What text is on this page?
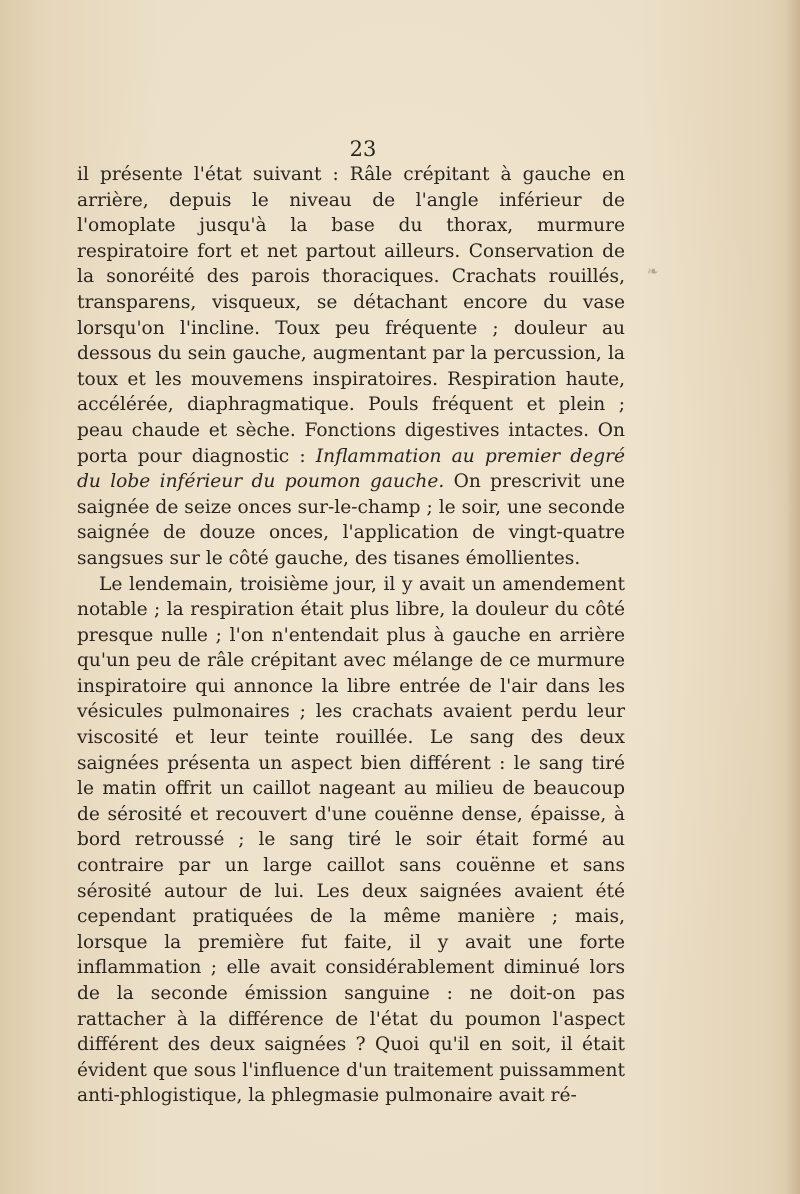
23

il présente l'état suivant : Râle crépitant à gauche en arrière, depuis le niveau de l'angle inférieur de l'omoplate jusqu'à la base du thorax, murmure respiratoire fort et net partout ailleurs. Conservation de la sonoréité des parois thoraciques. Crachats rouillés, transparens, visqueux, se détachant encore du vase lorsqu'on l'incline. Toux peu fréquente ; douleur au dessous du sein gauche, augmentant par la percussion, la toux et les mouvemens inspiratoires. Respiration haute, accélérée, diaphragmatique. Pouls fréquent et plein ; peau chaude et sèche. Fonctions digestives intactes. On porta pour diagnostic : Inflammation au premier degré du lobe inférieur du poumon gauche. On prescrivit une saignée de seize onces sur-le-champ ; le soir, une seconde saignée de douze onces, l'application de vingt-quatre sangsues sur le côté gauche, des tisanes émollientes.

Le lendemain, troisième jour, il y avait un amendement notable ; la respiration était plus libre, la douleur du côté presque nulle ; l'on n'entendait plus à gauche en arrière qu'un peu de râle crépitant avec mélange de ce murmure inspiratoire qui annonce la libre entrée de l'air dans les vésicules pulmonaires ; les crachats avaient perdu leur viscosité et leur teinte rouillée. Le sang des deux saignées présenta un aspect bien différent : le sang tiré le matin offrit un caillot nageant au milieu de beaucoup de sérosité et recouvert d'une couënne dense, épaisse, à bord retroussé ; le sang tiré le soir était formé au contraire par un large caillot sans couënne et sans sérosité autour de lui. Les deux saignées avaient été cependant pratiquées de la même manière ; mais, lorsque la première fut faite, il y avait une forte inflammation ; elle avait considérablement diminué lors de la seconde émission sanguine : ne doit-on pas rattacher à la différence de l'état du poumon l'aspect différent des deux saignées ? Quoi qu'il en soit, il était évident que sous l'influence d'un traitement puissamment anti-phlogistique, la phlegmasie pulmonaire avait ré-

❧
